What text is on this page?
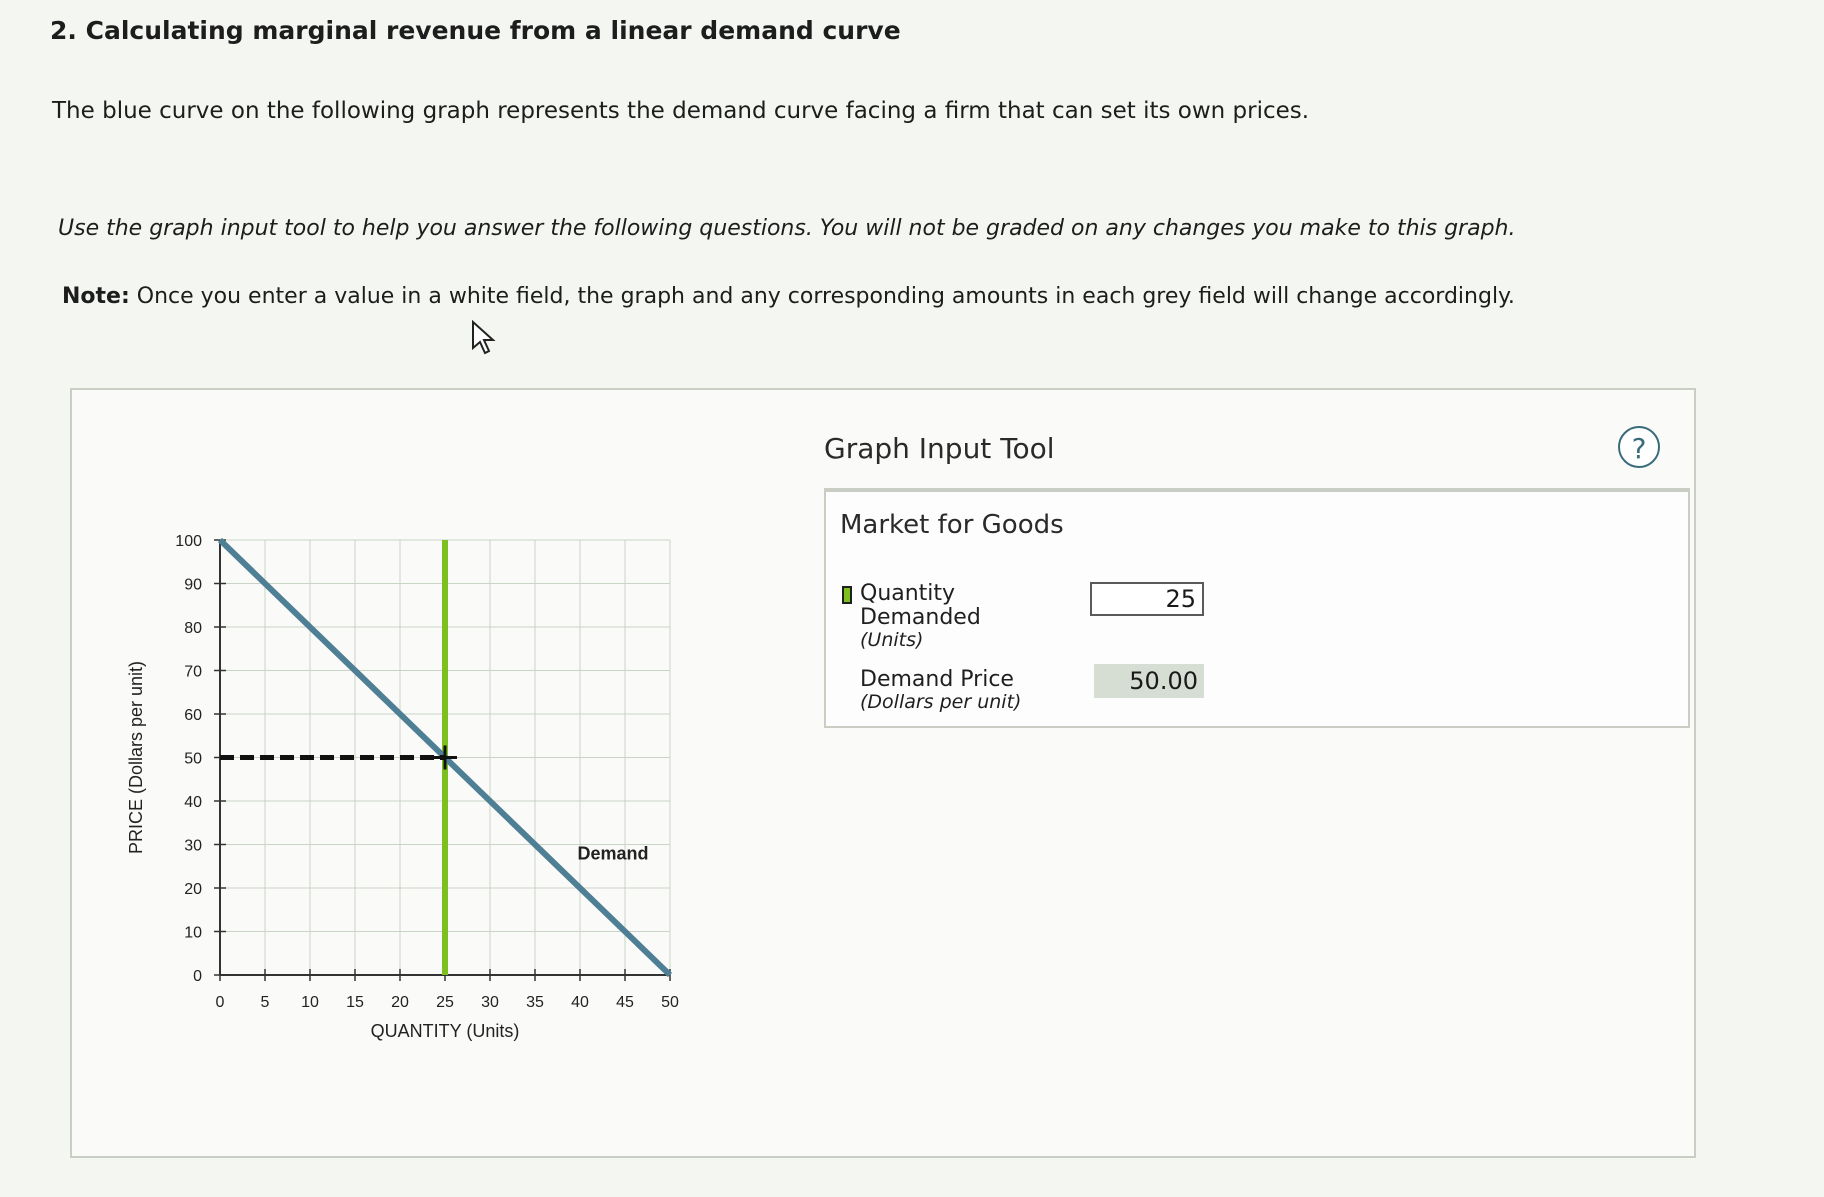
2. Calculating marginal revenue from a linear demand curve
The blue curve on the following graph represents the demand curve facing a firm that can set its own prices.
Use the graph input tool to help you answer the following questions. You will not be graded on any changes you make to this graph.
Note: Once you enter a value in a white field, the graph and any corresponding amounts in each grey field will change accordingly.
0 5 10 15 20 25 30 35 40 45 50
0
10
20
30
40
50
60
70
80
90
100
QUANTITY (Units)
PRICE (Dollars per unit)	Demand
Graph Input Tool	?
Market for Goods
Quantity
Demanded
(Units)
25
Demand Price
(Dollars per unit)
50.00
